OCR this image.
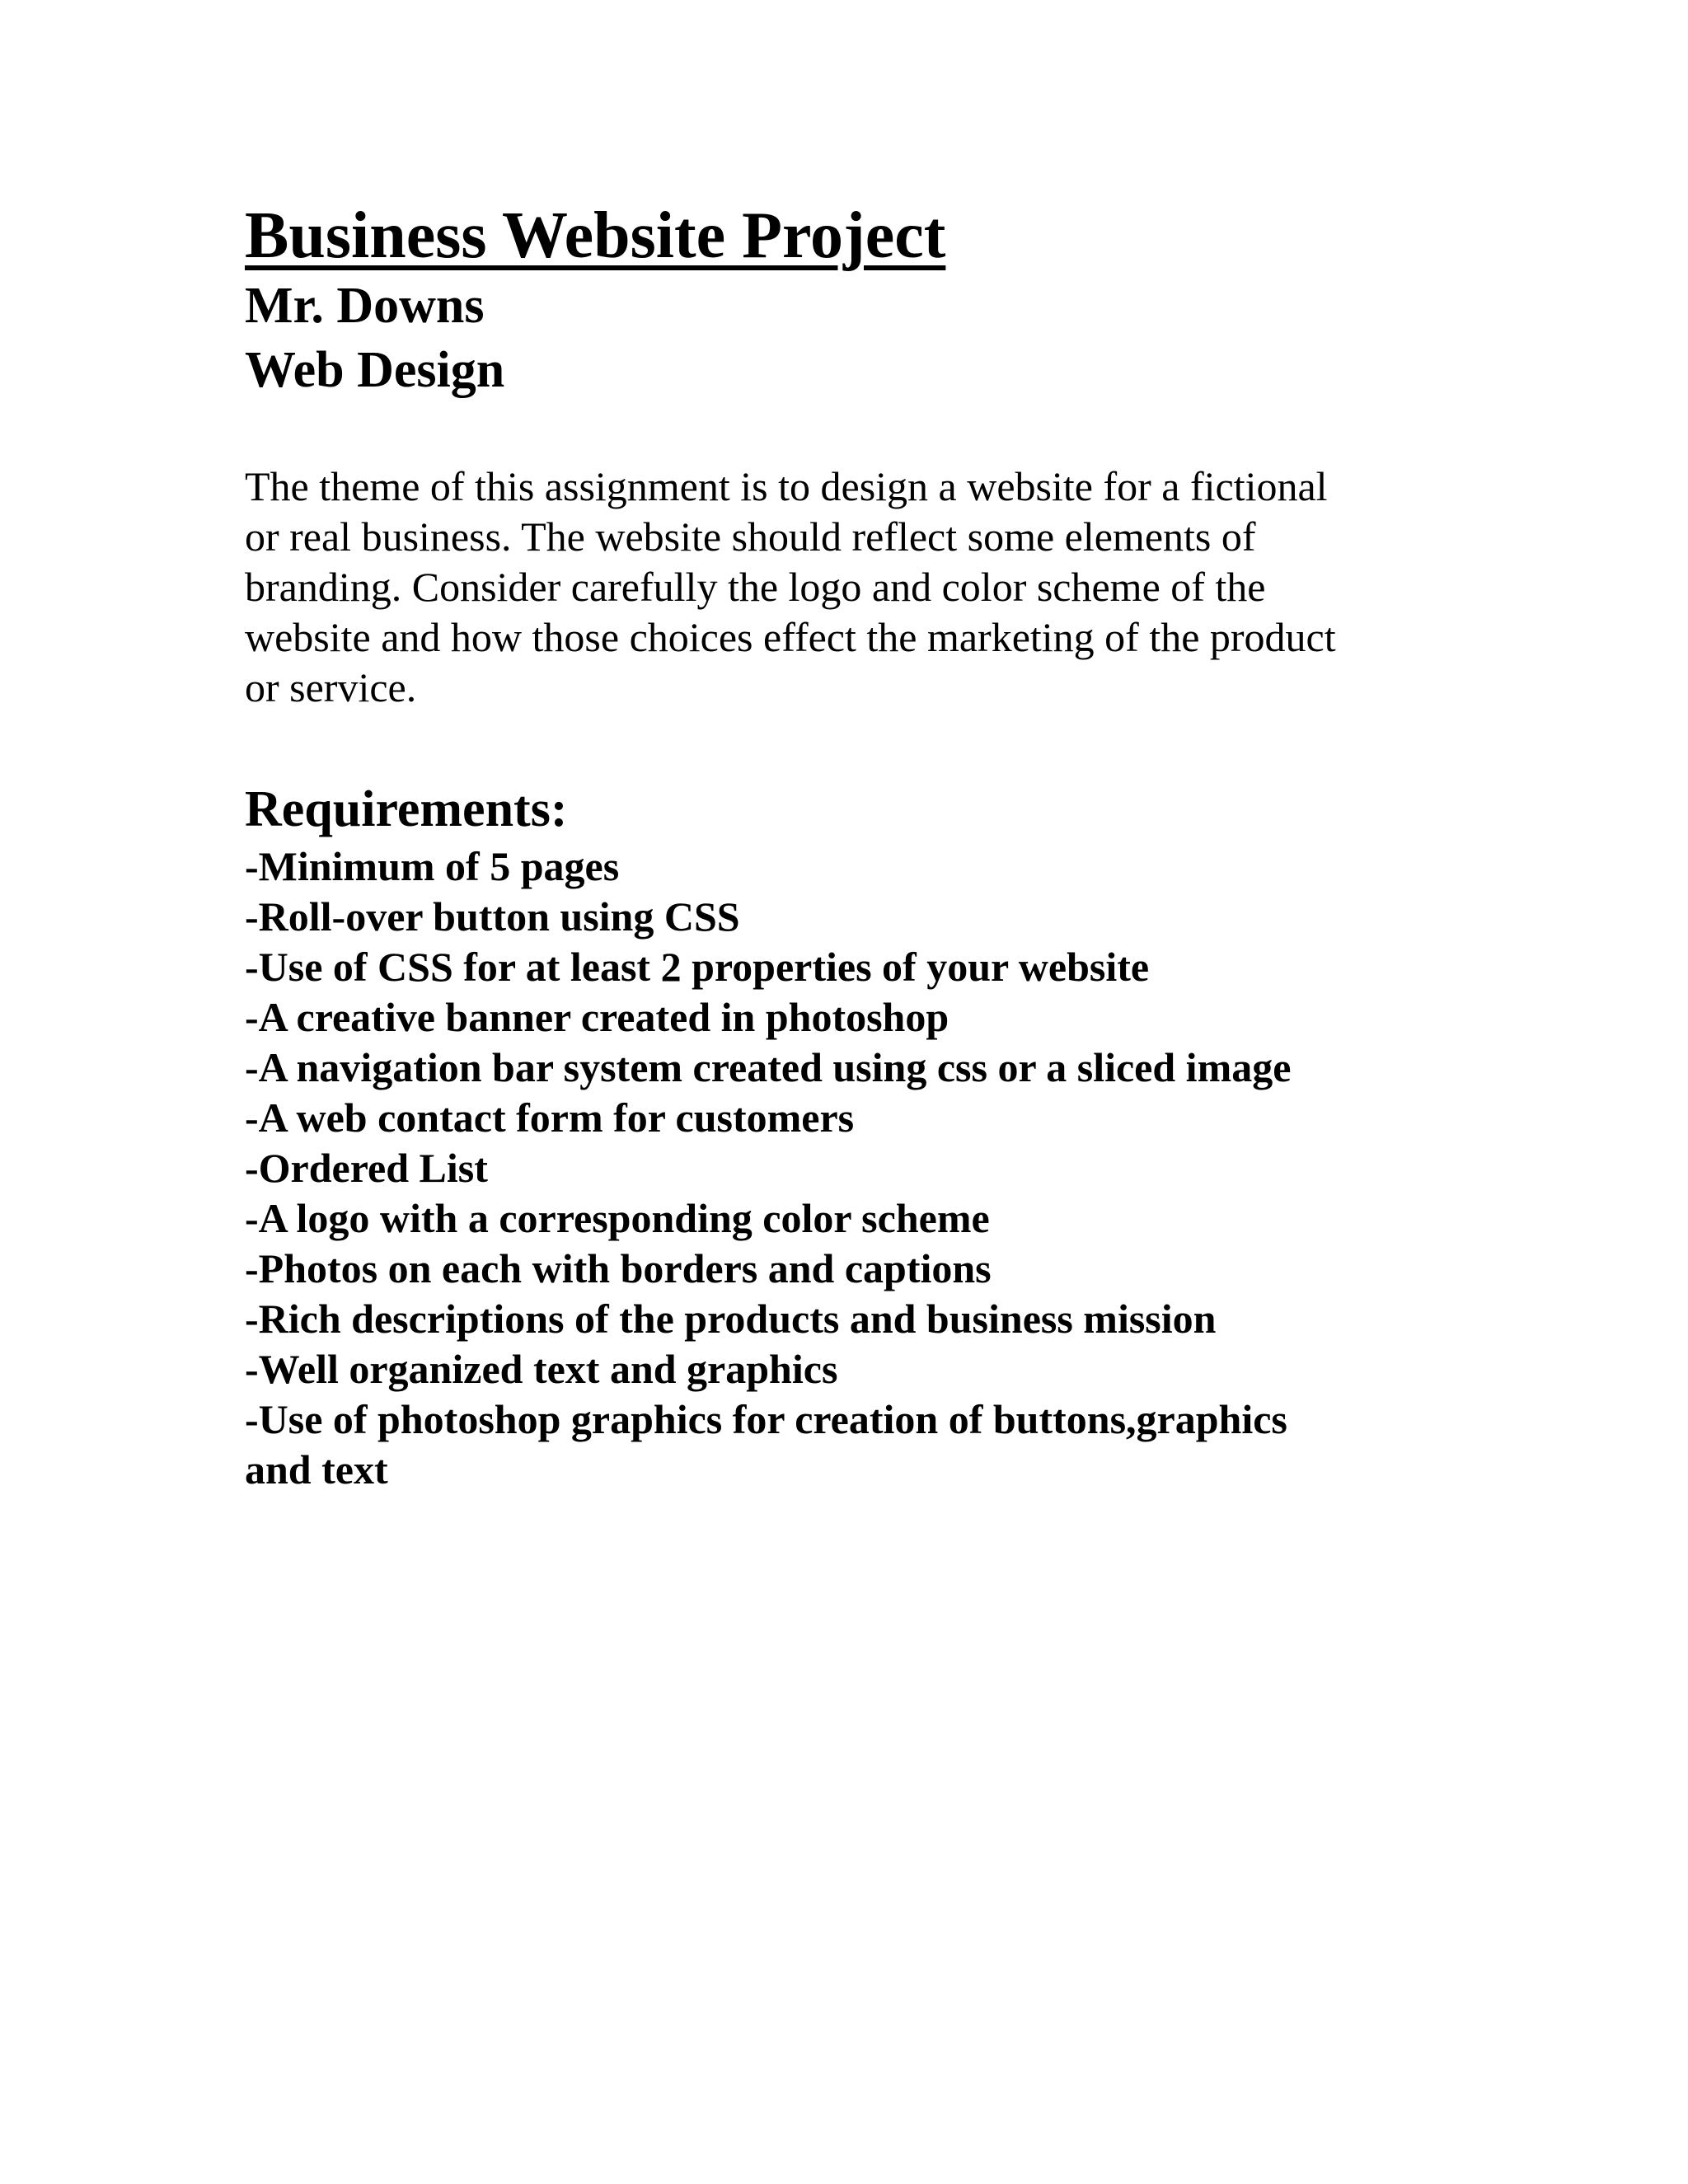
Business Website Project
Mr. Downs
Web Design
The theme of this assignment is to design a website for a fictional
or real business. The website should reflect some elements of
branding. Consider carefully the logo and color scheme of the
website and how those choices effect the marketing of the product
or service.
Requirements:
-Minimum of 5 pages
-Roll-over button using CSS
-Use of CSS for at least 2 properties of your website
-A creative banner created in photoshop
-A navigation bar system created using css or a sliced image
-A web contact form for customers
-Ordered List
-A logo with a corresponding color scheme
-Photos on each with borders and captions
-Rich descriptions of the products and business mission
-Well organized text and graphics
-Use of photoshop graphics for creation of buttons,graphics
and text
